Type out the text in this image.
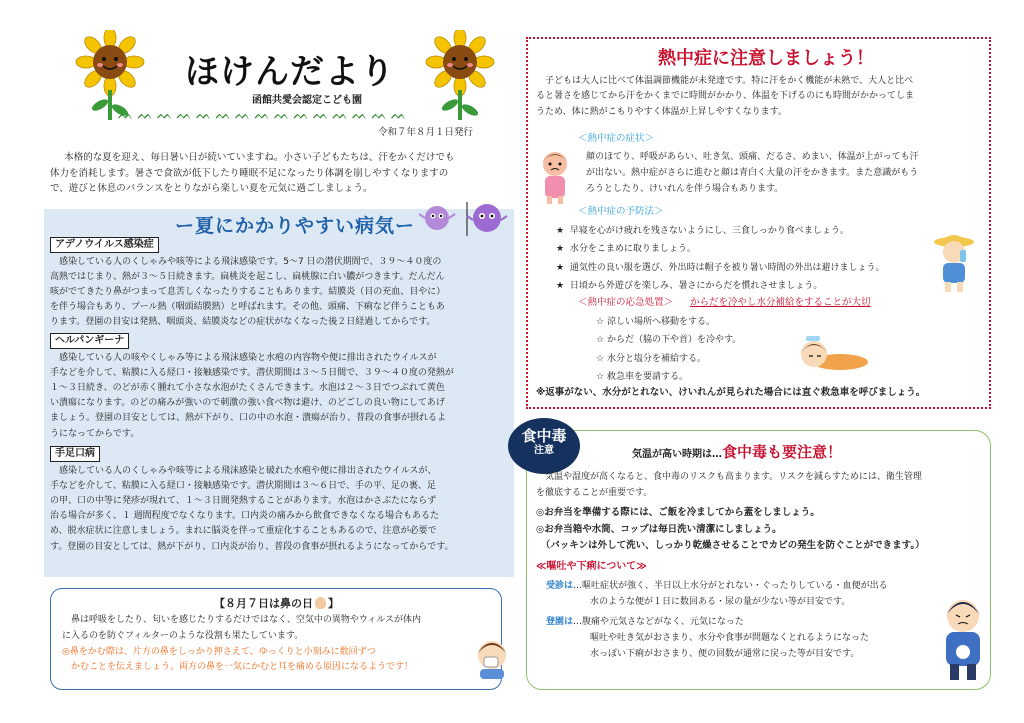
ほけんだより
函館共愛会認定こども園
ᨓᨓᨓᨓᨓᨓᨓᨓᨓᨓᨓᨓᨓᨓᨓ
令和７年８月１日発行

本格的な夏を迎え、毎日暑い日が続いていますね。小さい子どもたちは、汗をかくだけでも

体力を消耗します。暑さで食欲が低下したり睡眠不足になったり体調を崩しやすくなりますの

で、遊びと休息のバランスをとりながら楽しい夏を元気に過ごしましょう。

ー夏にかかりやすい病気ー
アデノウイルス感染症

感染している人のくしゃみや咳等による飛沫感染です。5～7 日の潜伏期間で、３９～４０度の

高熱ではじまり、熱が３～５日続きます。扁桃炎を起こし、扁桃腺に白い膿がつきます。だんだん

咳がでてきたり鼻がつまって息苦しくなったりすることもあります。結膜炎（目の充血、目やに）

を伴う場合もあり、プール熱（咽頭結膜熱）と呼ばれます。その他、頭痛、下痢など伴うこともあ

ります。登園の目安は発熱、咽頭炎、結膜炎などの症状がなくなった後２日経過してからです。

ヘルパンギーナ

感染している人の咳やくしゃみ等による飛沫感染と水疱の内容物や便に排出されたウイルスが

手などを介して、粘膜に入る経口・接触感染です。潜伏期間は３～５日間で、３９～４０度の発熱が

１～３日続き、のどが赤く腫れて小さな水泡がたくさんできます。水泡は２～３日でつぶれて黄色

い潰瘍になります。のどの痛みが強いので刺激の強い食べ物は避け、のどごしの良い物にしてあげ

ましょう。登園の目安としては、熱が下がり、口の中の水泡・潰瘍が治り、普段の食事が摂れるよ

うになってからです。

手足口病

感染している人のくしゃみや咳等による飛沫感染と破れた水疱や便に排出されたウイルスが、

手などを介して、粘膜に入る経口・接触感染です。潜伏期間は３～６日で、手の平、足の裏、足

の甲、口の中等に発疹が現れて、１～３日間発熱することがあります。水泡はかさぶたにならず

治る場合が多く、１ 週間程度でなくなります。口内炎の痛みから飲食できなくなる場合もあるた

め、脱水症状に注意しましょう。まれに脳炎を伴って重症化することもあるので、注意が必要で

す。登園の目安としては、熱が下がり、口内炎が治り、普段の食事が摂れるようになってからです。

【８月７日は鼻の日 】

鼻は呼吸をしたり、匂いを感じたりするだけではなく、空気中の異物やウィルスが体内

に入るのを防ぐフィルターのような役割も果たしています。

◎鼻をかむ際は、片方の鼻をしっかり押さえて、ゆっくりと小刻みに数回ずつ

かむことを伝えましょう。両方の鼻を一気にかむと耳を痛める原因になるようです！

熱中症に注意しましょう！

子どもは大人に比べて体温調節機能が未発達です。特に汗をかく機能が未熟で、大人と比べ

ると暑さを感じてから汗をかくまでに時間がかかり、体温を下げるのにも時間がかかってしま

うため、体に熱がこもりやすく体温が上昇しやすくなります。

＜熱中症の症状＞

顔のほてり、呼吸があらい、吐き気、頭痛、だるさ、めまい、体温が上がっても汗

が出ない。熱中症がさらに進むと顔は青白く大量の汗をかきます。また意識がもう

ろうとしたり、けいれんを伴う場合もあります。

＜熱中症の予防法＞

★ 早寝を心がけ疲れを残さないようにし、三食しっかり食べましょう。

★ 水分をこまめに取りましょう。

★ 通気性の良い服を選び、外出時は帽子を被り暑い時間の外出は避けましょう。

★ 日頃から外遊びを楽しみ、暑さにからだを慣れさせましょう。

＜熱中症の応急処置＞ からだを冷やし水分補給をすることが大切

☆ 涼しい場所へ移動をする。

☆ からだ（脇の下や首）を冷やす。

☆ 水分と塩分を補給する。

☆ 救急車を要請する。

※返事がない、水分がとれない、けいれんが見られた場合には直ぐ救急車を呼びましょう。
食中毒
注意	気温が高い時期は…食中毒も要注意！

気温や湿度が高くなると、食中毒のリスクも高まります。リスクを減らすためには、衛生管理

を徹底することが重要です。

◎お弁当を準備する際には、ご飯を冷ましてから蓋をしましょう。

◎お弁当箱や水筒、コップは毎日洗い清潔にしましょう。

（パッキンは外して洗い、しっかり乾燥させることでカビの発生を防ぐことができます。）

≪嘔吐や下痢について≫

受診は…嘔吐症状が強く、半日以上水分がとれない・ぐったりしている・血便が出る

水のような便が１日に数回ある・尿の量が少ない等が目安です。

登園は…腹痛や元気さなどがなく、元気になった

嘔吐や吐き気がおさまり、水分や食事が問題なくとれるようになった

水っぽい下痢がおさまり、便の回数が通常に戻った等が目安です。
